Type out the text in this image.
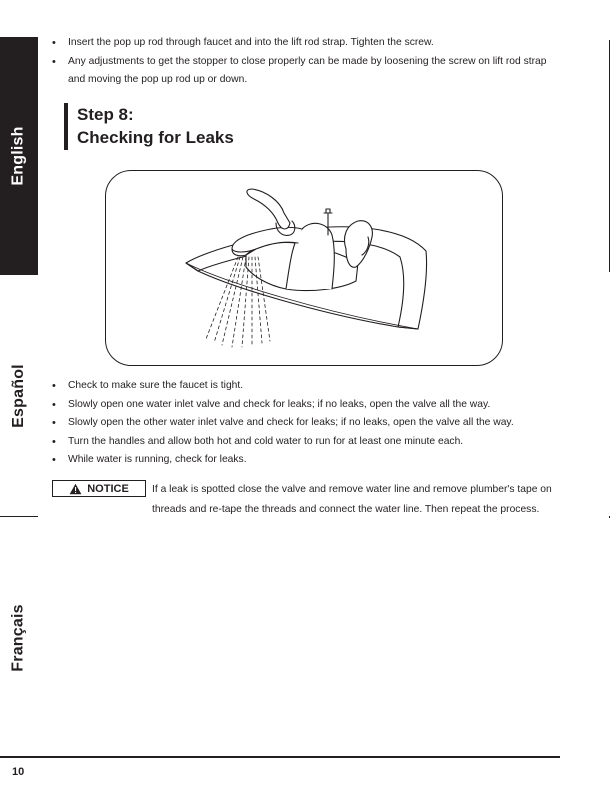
English
Español
Français
• Insert the pop up rod through faucet and into the lift rod strap. Tighten the screw.
• Any adjustments to get the stopper to close properly can be made by loosening the screw on lift rod strap and moving the pop up rod up or down.
Step 8:
Checking for Leaks
• Check to make sure the faucet is tight.
• Slowly open one water inlet valve and check for leaks; if no leaks, open the valve all the way.
• Slowly open the other water inlet valve and check for leaks; if no leaks, open the valve all the way.
• Turn the handles and allow both hot and cold water to run for at least one minute each.
• While water is running, check for leaks.
NOTICE If a leak is spotted close the valve and remove water line and remove plumber's tape on threads and re-tape the threads and connect the water line. Then repeat the process.
10
